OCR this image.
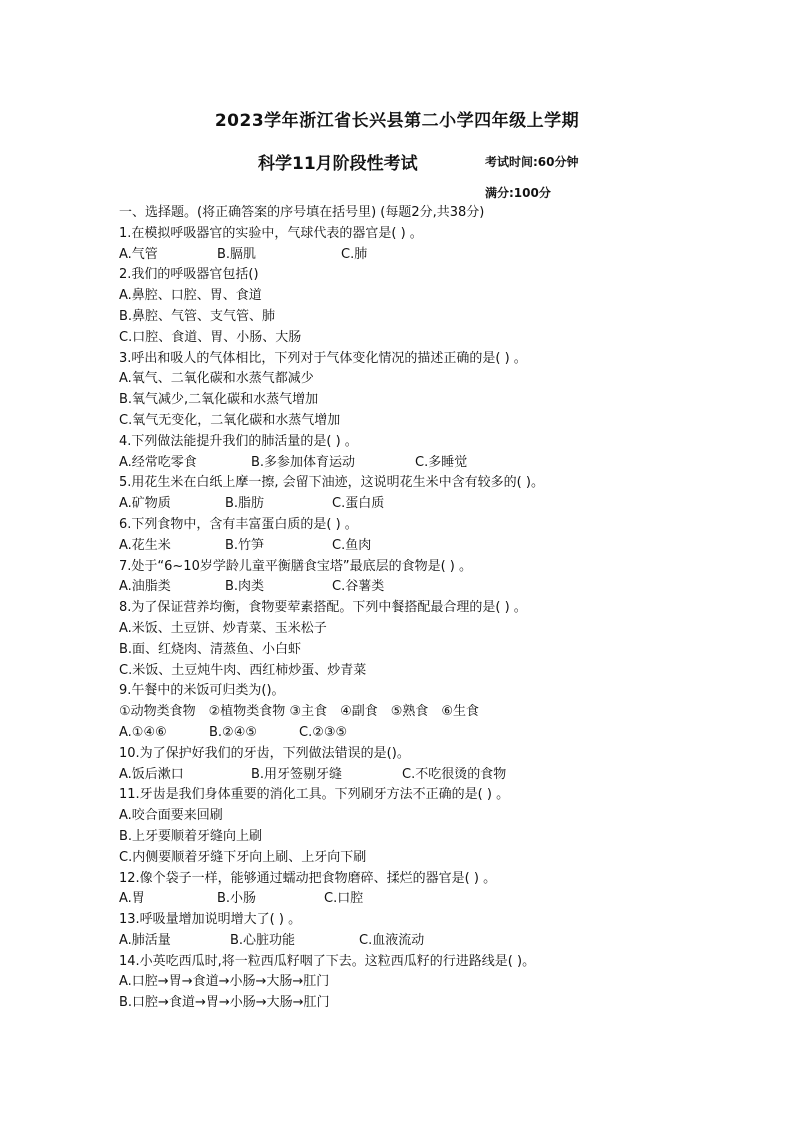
2023学年浙江省长兴县第二小学四年级上学期
科学11月阶段性考试	考试时间:60分钟
满分:100分
一、选择题。(将正确答案的序号填在括号里) (每题2分,共38分)
1.在模拟呼吸器官的实验中，气球代表的器官是( ) 。
A.气管	B.膈肌	C.肺
2.我们的呼吸器官包括()
A.鼻腔、口腔、胃、食道
B.鼻腔、气管、支气管、肺
C.口腔、食道、胃、小肠、大肠
3.呼出和吸人的气体相比，下列对于气体变化情况的描述正确的是( ) 。
A.氧气、二氧化碳和水蒸气都减少
B.氧气减少,二氧化碳和水蒸气增加
C.氧气无变化，二氧化碳和水蒸气增加
4.下列做法能提升我们的肺活量的是( ) 。
A.经常吃零食	B.多参加体育运动	C.多睡觉
5.用花生米在白纸上摩一擦, 会留下油迹，这说明花生米中含有较多的( )。
A.矿物质	B.脂肪	C.蛋白质
6.下列食物中，含有丰富蛋白质的是( ) 。
A.花生米	B.竹笋	C.鱼肉
7.处于“6~10岁学龄儿童平衡膳食宝塔”最底层的食物是( ) 。
A.油脂类	B.肉类	C.谷薯类
8.为了保证营养均衡，食物要荤素搭配。下列中餐搭配最合理的是( ) 。
A.米饭、土豆饼、炒青菜、玉米松子
B.面、红烧肉、清蒸鱼、小白虾
C.米饭、土豆炖牛肉、西红柿炒蛋、炒青菜
9.午餐中的米饭可归类为()。
①动物类食物　②植物类食物 ③主食　④副食　⑤熟食　⑥生食
A.①④⑥	B.②④⑤	C.②③⑤
10.为了保护好我们的牙齿，下列做法错误的是()。
A.饭后漱口	B.用牙签剔牙缝	C.不吃很烫的食物
11.牙齿是我们身体重要的消化工具。下列刷牙方法不正确的是( ) 。
A.咬合面要来回刷
B.上牙要顺着牙缝向上刷
C.内侧要顺着牙缝下牙向上刷、上牙向下刷
12.像个袋子一样，能够通过蠕动把食物磨碎、揉烂的器官是( ) 。
A.胃	B.小肠	C.口腔
13.呼吸量增加说明增大了( ) 。
A.肺活量	B.心脏功能	C.血液流动
14.小英吃西瓜时,将一粒西瓜籽咽了下去。这粒西瓜籽的行进路线是( )。
A.口腔→胃→食道→小肠→大肠→肛门
B.口腔→食道→胃→小肠→大肠→肛门
